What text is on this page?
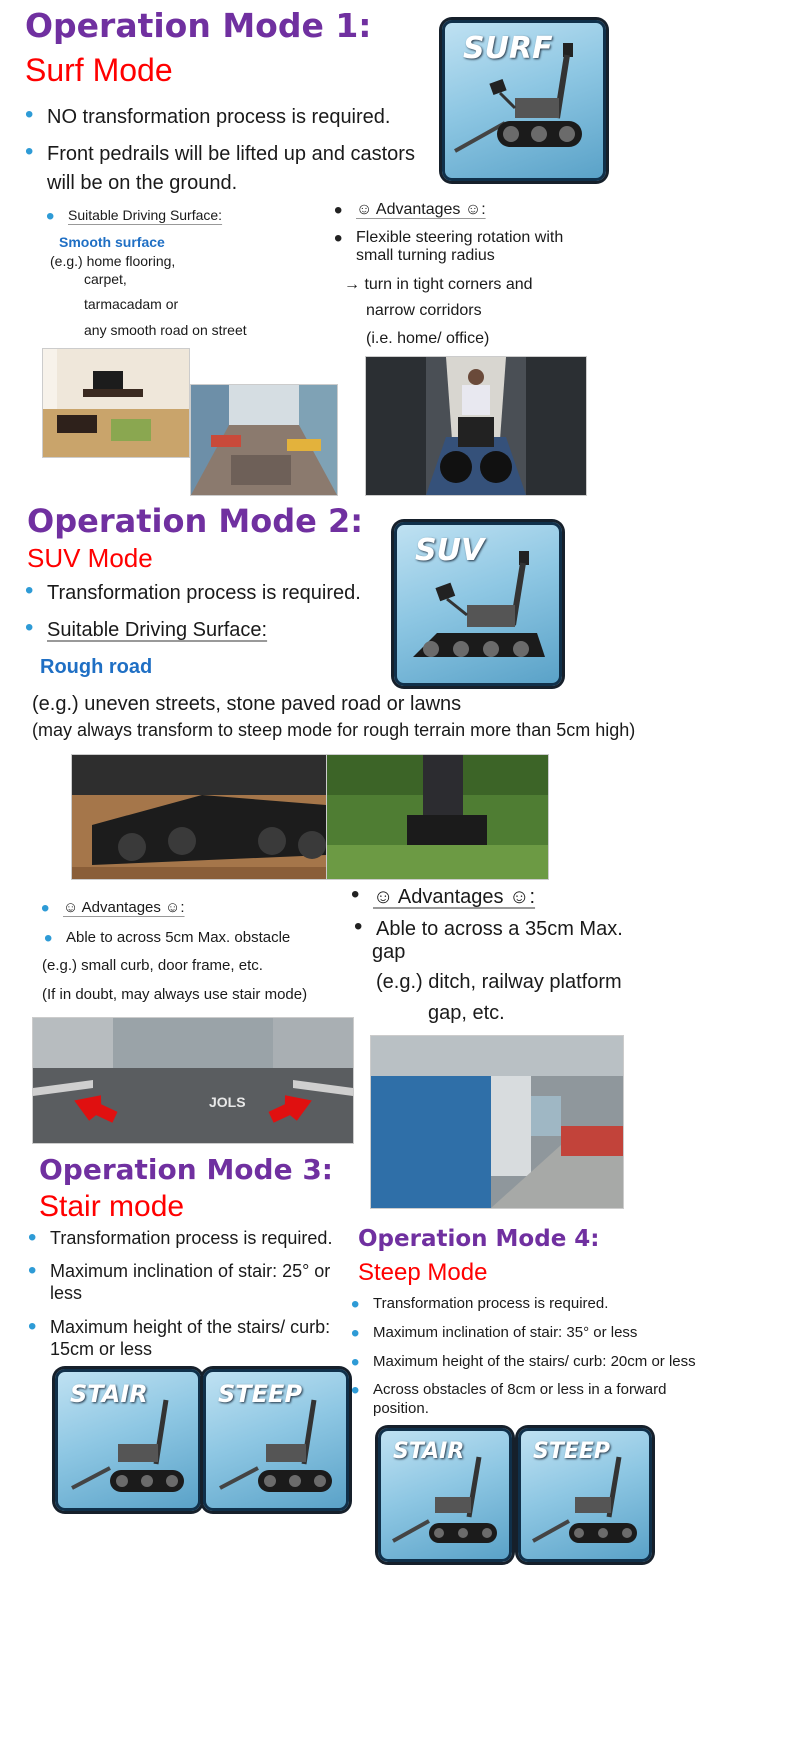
Operation Mode 1:
Surf Mode
SURF
• NO transformation process is required.
• Front pedrails will be lifted up and castors
will be on the ground.
• Suitable Driving Surface:
Smooth surface
(e.g.) home flooring,
carpet,
tarmacadam or
any smooth road on street
• ☺ Advantages ☺:
• Flexible steering rotation with
small turning radius
→ turn in tight corners and
narrow corridors
(i.e. home/ office)
Operation Mode 2:
SUV Mode	SUV
• Transformation process is required.
• Suitable Driving Surface:
Rough road
(e.g.) uneven streets, stone paved road or lawns
(may always transform to steep mode for rough terrain more than 5cm high)
• ☺ Advantages ☺:
• Able to across 5cm Max. obstacle
(e.g.) small curb, door frame, etc.
(If in doubt, may always use stair mode)
• ☺ Advantages ☺:
• Able to across a 35cm Max.
gap
(e.g.) ditch, railway platform
gap, etc.
JOLS
Operation Mode 3:
Stair mode
• Transformation process is required.
• Maximum inclination of stair: 25° or
less
• Maximum height of the stairs/ curb:
15cm or less
STAIR	STEEP
Operation Mode 4:
Steep Mode
• Transformation process is required.
• Maximum inclination of stair: 35° or less
• Maximum height of the stairs/ curb: 20cm or less
• Across obstacles of 8cm or less in a forward
position.
STAIR	STEEP
